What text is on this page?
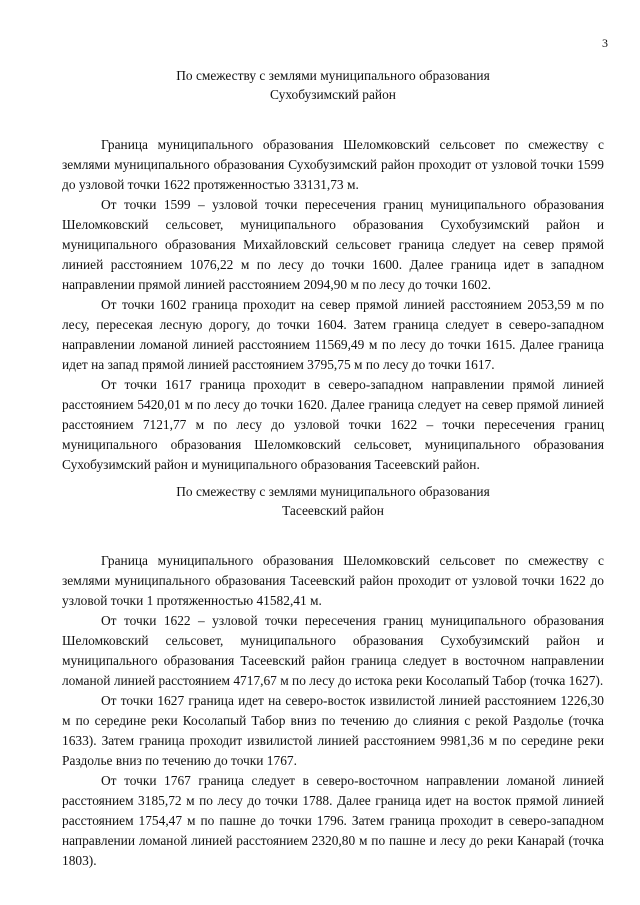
3
По смежеству с землями муниципального образования
Сухобузимский район

Граница муниципального образования Шеломковский сельсовет по смежеству с землями муниципального образования Сухобузимский район проходит от узловой точки 1599 до узловой точки 1622 протяженностью 33131,73 м.

От точки 1599 – узловой точки пересечения границ муниципального образования Шеломковский сельсовет, муниципального образования Сухобузимский район и муниципального образования Михайловский сельсовет граница следует на север прямой линией расстоянием 1076,22 м по лесу до точки 1600. Далее граница идет в западном направлении прямой линией расстоянием 2094,90 м по лесу до точки 1602.

От точки 1602 граница проходит на север прямой линией расстоянием 2053,59 м по лесу, пересекая лесную дорогу, до точки 1604. Затем граница следует в северо-западном направлении ломаной линией расстоянием 11569,49 м по лесу до точки 1615. Далее граница идет на запад прямой линией расстоянием 3795,75 м по лесу до точки 1617.

От точки 1617 граница проходит в северо-западном направлении прямой линией расстоянием 5420,01 м по лесу до точки 1620. Далее граница следует на север прямой линией расстоянием 7121,77 м по лесу до узловой точки 1622 – точки пересечения границ муниципального образования Шеломковский сельсовет, муниципального образования Сухобузимский район и муниципального образования Тасеевский район.

По смежеству с землями муниципального образования
Тасеевский район

Граница муниципального образования Шеломковский сельсовет по смежеству с землями муниципального образования Тасеевский район проходит от узловой точки 1622 до узловой точки 1 протяженностью 41582,41 м.

От точки 1622 – узловой точки пересечения границ муниципального образования Шеломковский сельсовет, муниципального образования Сухобузимский район и муниципального образования Тасеевский район граница следует в восточном направлении ломаной линией расстоянием 4717,67 м по лесу до истока реки Косолапый Табор (точка 1627).

От точки 1627 граница идет на северо-восток извилистой линией расстоянием 1226,30 м по середине реки Косолапый Табор вниз по течению до слияния с рекой Раздолье (точка 1633). Затем граница проходит извилистой линией расстоянием 9981,36 м по середине реки Раздолье вниз по течению до точки 1767.

От точки 1767 граница следует в северо-восточном направлении ломаной линией расстоянием 3185,72 м по лесу до точки 1788. Далее граница идет на восток прямой линией расстоянием 1754,47 м по пашне до точки 1796. Затем граница проходит в северо-западном направлении ломаной линией расстоянием 2320,80 м по пашне и лесу до реки Канарай (точка 1803).
